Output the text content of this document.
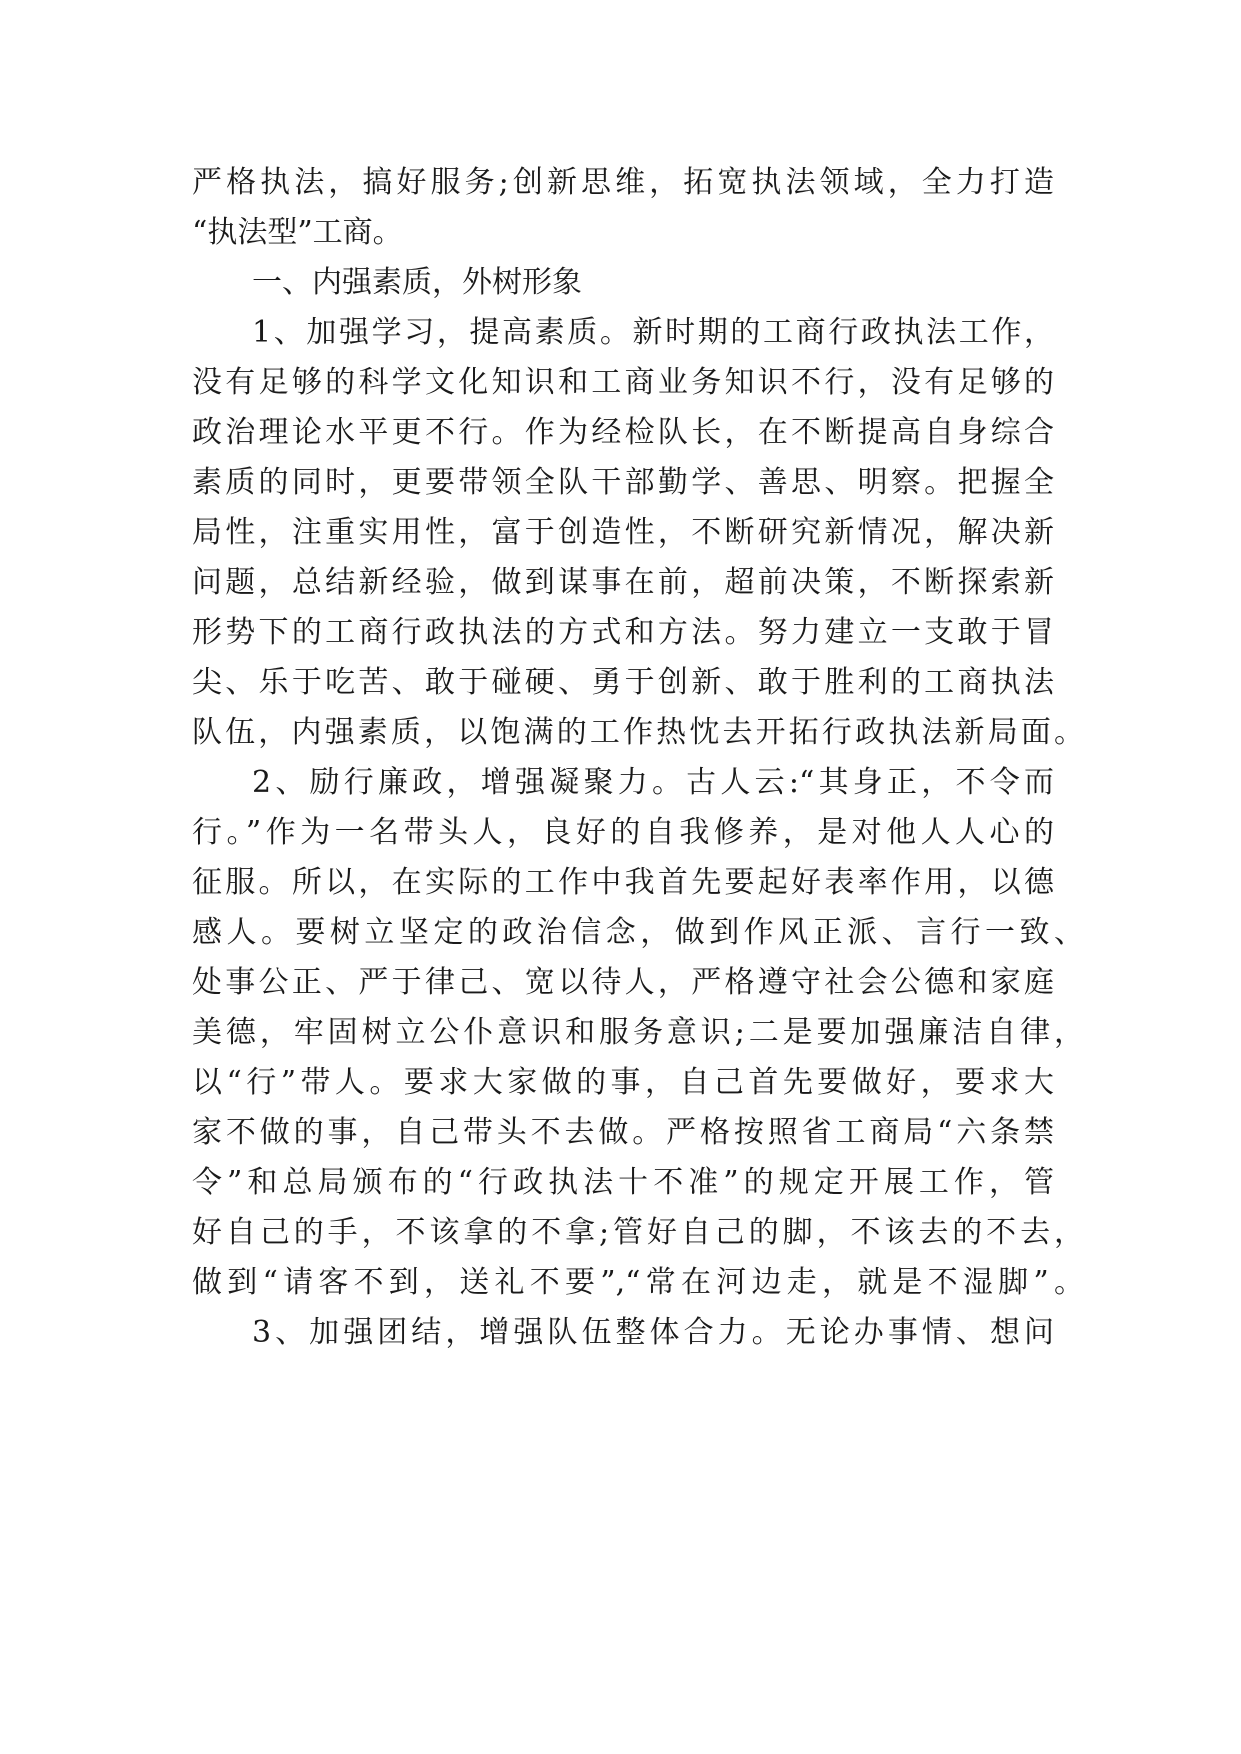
严格执法，搞好服务;创新思维，拓宽执法领域，全力打造
“执法型”工商。
一、内强素质，外树形象
1、加强学习，提高素质。新时期的工商行政执法工作，
没有足够的科学文化知识和工商业务知识不行，没有足够的
政治理论水平更不行。作为经检队长，在不断提高自身综合
素质的同时，更要带领全队干部勤学、善思、明察。把握全
局性，注重实用性，富于创造性，不断研究新情况，解决新
问题，总结新经验，做到谋事在前，超前决策，不断探索新
形势下的工商行政执法的方式和方法。努力建立一支敢于冒
尖、乐于吃苦、敢于碰硬、勇于创新、敢于胜利的工商执法
队伍，内强素质，以饱满的工作热忱去开拓行政执法新局面。
2、励行廉政，增强凝聚力。古人云:“其身正，不令而
行。”作为一名带头人，良好的自我修养，是对他人人心的
征服。所以，在实际的工作中我首先要起好表率作用，以德
感人。要树立坚定的政治信念，做到作风正派、言行一致、
处事公正、严于律己、宽以待人，严格遵守社会公德和家庭
美德，牢固树立公仆意识和服务意识;二是要加强廉洁自律，
以“行”带人。要求大家做的事，自己首先要做好，要求大
家不做的事，自己带头不去做。严格按照省工商局“六条禁
令”和总局颁布的“行政执法十不准”的规定开展工作，管
好自己的手，不该拿的不拿;管好自己的脚，不该去的不去，
做到“请客不到，送礼不要”,“常在河边走，就是不湿脚”。
3、加强团结，增强队伍整体合力。无论办事情、想问
